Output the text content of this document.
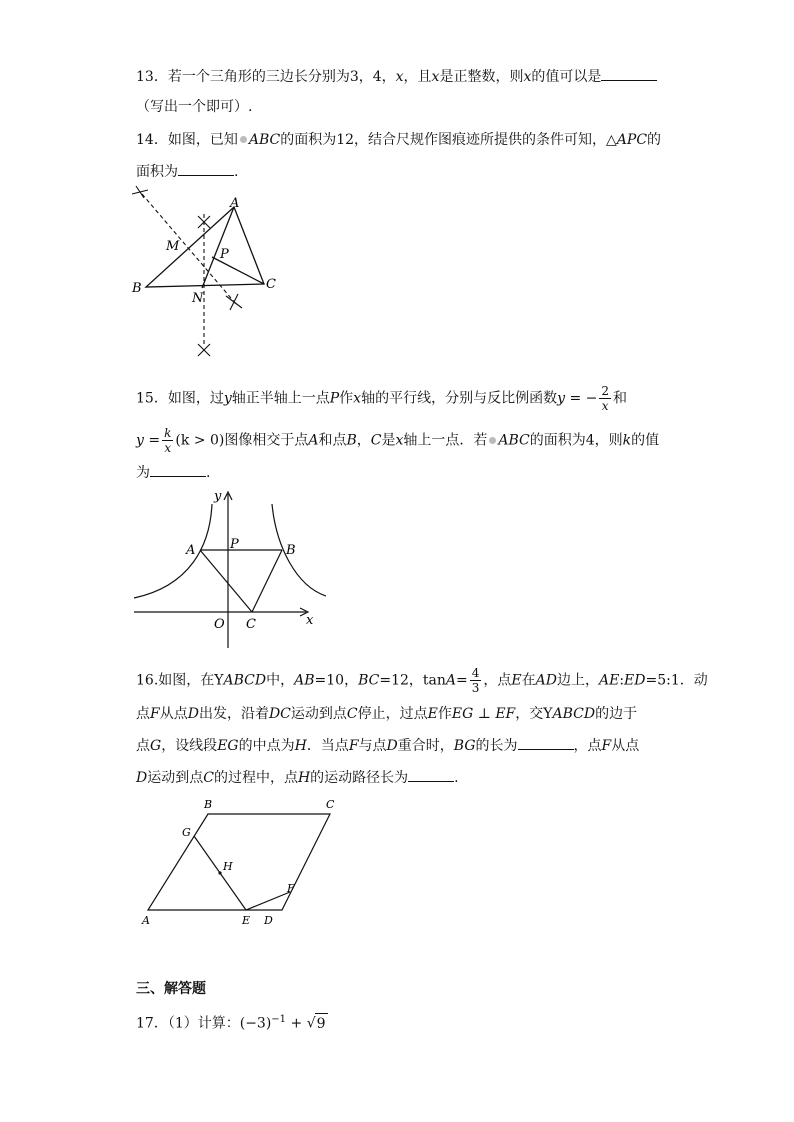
13．若一个三角形的三边长分别为3，4，x，且x是正整数，则x的值可以是
（写出一个即可）.
14．如图，已知 ABC的面积为12，结合尺规作图痕迹所提供的条件可知，△APC的
面积为	.
A
B	C
M
N
P
15．如图，过y轴正半轴上一点P作x轴的平行线，分别与反比例函数y = − $\frac{2}{x}$ 和
$y = \frac{k}{x} (k > 0)$图像相交于点A和点B，C是x轴上一点．若 ABC的面积为4，则k的值
为	.
y
x
A	P	B
O C
16.如图，在YABCD中，AB=10，BC=12，$\tan A= \frac{4}{3}$ ，点E在AD边上，AE:ED=5:1．动
点F从点D出发，沿着DC运动到点C停止，过点E作EG ⊥ EF，交YABCD的边于
点G，设线段EG的中点为H．当点F与点D重合时，BG的长为	，点F从点
D运动到点C的过程中，点H的运动路径长为	.
B	C
G
H
F
A	E D
三、解答题
17．（1）计算：$(-3)^{-1} + √9$
